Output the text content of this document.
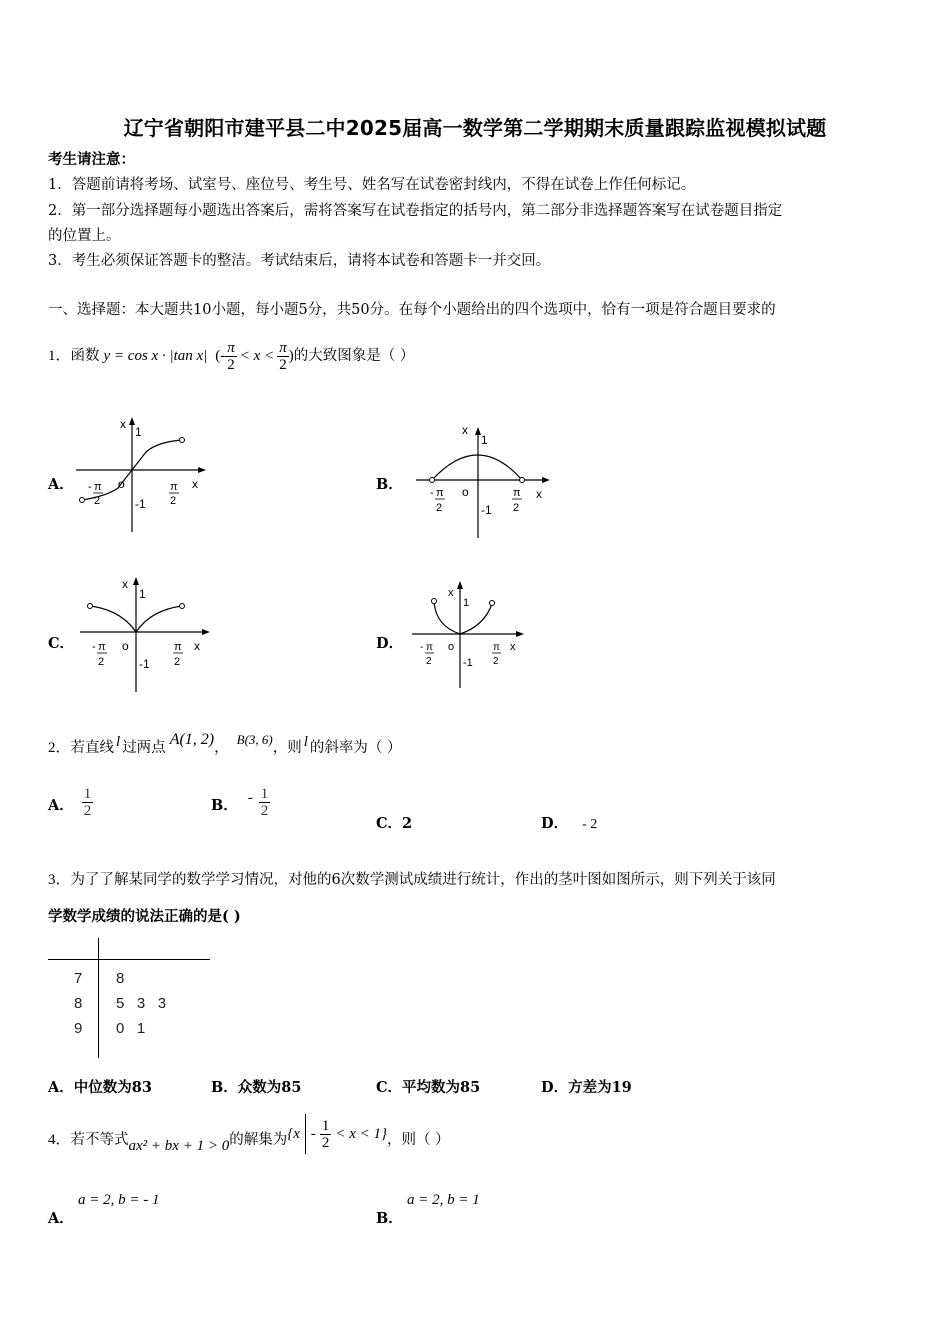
辽宁省朝阳市建平县二中2025届高一数学第二学期期末质量跟踪监视模拟试题
考生请注意：
1．答题前请将考场、试室号、座位号、考生号、姓名写在试卷密封线内，不得在试卷上作任何标记。
2．第一部分选择题每小题选出答案后，需将答案写在试卷指定的括号内，第二部分非选择题答案写在试卷题目指定
的位置上。
3．考生必须保证答题卡的整洁。考试结束后，请将本试卷和答题卡一并交回。
一、选择题：本大题共10小题，每小题5分，共50分。在每个小题给出的四个选项中，恰有一项是符合题目要求的
1． 函数 y = cos x · |tan x| (- $\frac{\pi}{2} < x < \frac{\pi}{2}$ ) 的大致图象是（ ）
A．	B．
C．	D．
x
1
x
o
-1
- π
2
π
2
x
1
x
o
-1
- π
2
π
2
x
1
x
o
-1
- π
2
π
2
x
1
x
o
-1
- π
2
π
2
2． 若直线 l 过两点 A(1, 2) ，
B(3, 6)
，则 l 的斜率为（ ）
A． $\frac{1}{2}$	B． - $\frac{1}{2}$
C．2	D． - 2
3．为了了解某同学的数学学习情况，对他的6次数学测试成绩进行统计，作出的茎叶图如图所示，则下列关于该同
学数学成绩的说法正确的是( )
7 8
8 5   3   3
9 0   1
A．中位数为83	B．众数为85	C．平均数为85	D．方差为19
4． 若不等式 ax² + bx + 1 > 0 的解集为 $\{x - \frac{1}{2} < x < 1\}$ ，则（ ）
A．
a = 2, b = - 1
B．
a = 2, b = 1
